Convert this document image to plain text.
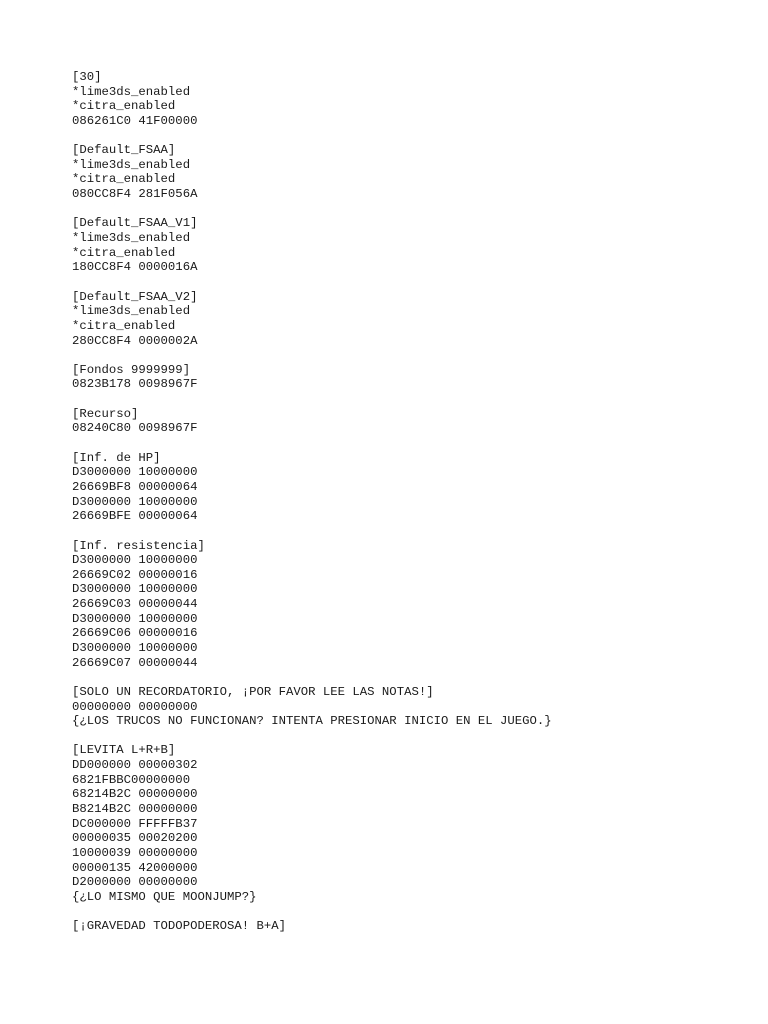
[30]
*lime3ds_enabled
*citra_enabled
086261C0 41F00000
[Default_FSAA]
*lime3ds_enabled
*citra_enabled
080CC8F4 281F056A
[Default_FSAA_V1]
*lime3ds_enabled
*citra_enabled
180CC8F4 0000016A
[Default_FSAA_V2]
*lime3ds_enabled
*citra_enabled
280CC8F4 0000002A
[Fondos 9999999]
0823B178 0098967F
[Recurso]
08240C80 0098967F
[Inf. de HP]
D3000000 10000000
26669BF8 00000064
D3000000 10000000
26669BFE 00000064
[Inf. resistencia]
D3000000 10000000
26669C02 00000016
D3000000 10000000
26669C03 00000044
D3000000 10000000
26669C06 00000016
D3000000 10000000
26669C07 00000044
[SOLO UN RECORDATORIO, ¡POR FAVOR LEE LAS NOTAS!]
00000000 00000000
{¿LOS TRUCOS NO FUNCIONAN? INTENTA PRESIONAR INICIO EN EL JUEGO.}
[LEVITA L+R+B]
DD000000 00000302
6821FBBC00000000
68214B2C 00000000
B8214B2C 00000000
DC000000 FFFFFB37
00000035 00020200
10000039 00000000
00000135 42000000
D2000000 00000000
{¿LO MISMO QUE MOONJUMP?}
[¡GRAVEDAD TODOPODEROSA! B+A]
